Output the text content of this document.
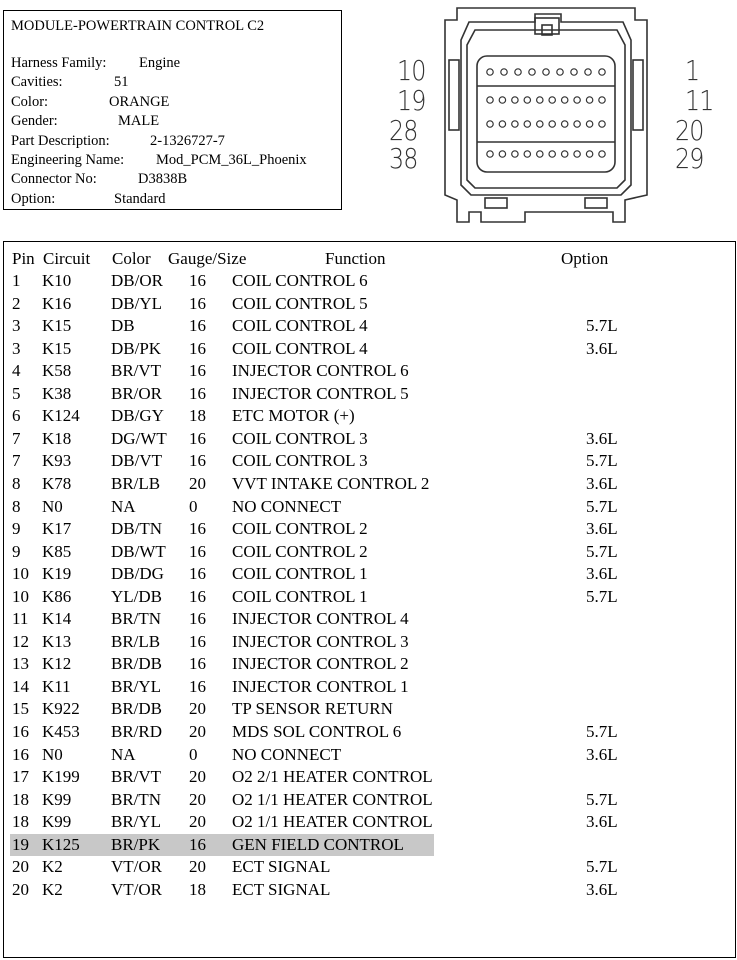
MODULE-POWERTRAIN CONTROL C2
Harness Family: Engine
Cavities:	51
Color:	ORANGE
Gender:	MALE
Part Description:	2-1326727-7
Engineering Name: Mod_PCM_36L_Phoenix
Connector No:	D3838B
Option:	Standard
10
19
28
38
1
11
20
29
Pin Circuit Color Gauge/Size	Function	Option
1 K10 DB/OR 16 COIL CONTROL 6
2 K16 DB/YL 16 COIL CONTROL 5
3 K15 DB	16 COIL CONTROL 4	5.7L
3 K15 DB/PK 16 COIL CONTROL 4	3.6L
4 K58 BR/VT 16 INJECTOR CONTROL 6
5 K38 BR/OR 16 INJECTOR CONTROL 5
6 K124 DB/GY 18 ETC MOTOR (+)
7 K18 DG/WT 16 COIL CONTROL 3	3.6L
7 K93 DB/VT 16 COIL CONTROL 3	5.7L
8 K78 BR/LB 20 VVT INTAKE CONTROL 2	3.6L
8 N0	NA	0 NO CONNECT	5.7L
9 K17 DB/TN 16 COIL CONTROL 2	3.6L
9 K85 DB/WT 16 COIL CONTROL 2	5.7L
10 K19 DB/DG 16 COIL CONTROL 1	3.6L
10 K86 YL/DB 16 COIL CONTROL 1	5.7L
11 K14 BR/TN 16 INJECTOR CONTROL 4
12 K13 BR/LB 16 INJECTOR CONTROL 3
13 K12 BR/DB 16 INJECTOR CONTROL 2
14 K11 BR/YL 16 INJECTOR CONTROL 1
15 K922 BR/DB 20 TP SENSOR RETURN
16 K453 BR/RD 20 MDS SOL CONTROL 6	5.7L
16 N0	NA	0 NO CONNECT	3.6L
17 K199 BR/VT 20 O2 2/1 HEATER CONTROL
18 K99 BR/TN 20 O2 1/1 HEATER CONTROL	5.7L
18 K99 BR/YL 20 O2 1/1 HEATER CONTROL	3.6L
19 K125 BR/PK 16 GEN FIELD CONTROL
20 K2	VT/OR 20 ECT SIGNAL	5.7L
20 K2	VT/OR 18 ECT SIGNAL	3.6L
